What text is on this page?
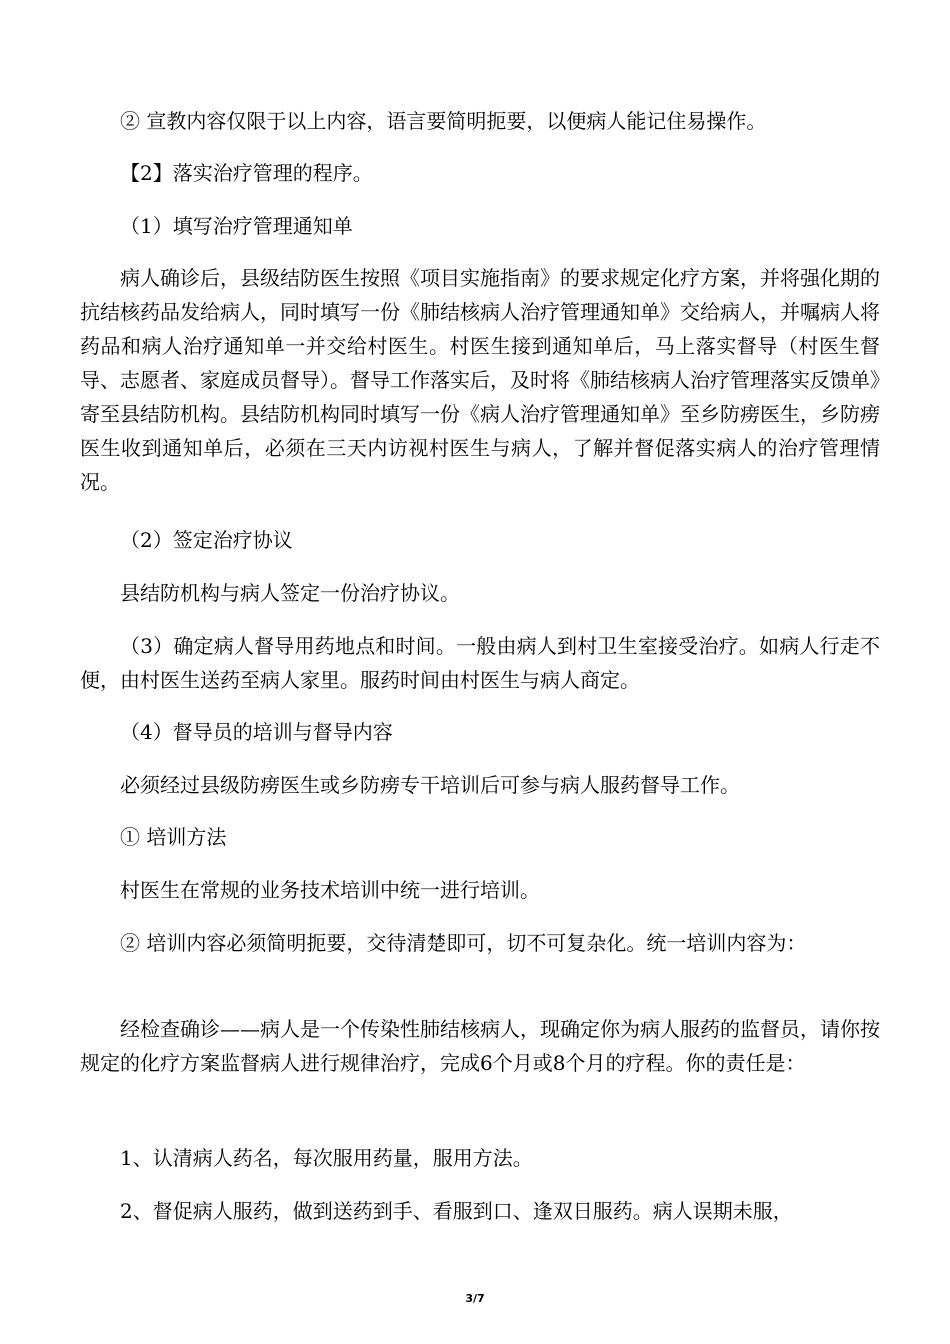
② 宣教内容仅限于以上内容，语言要简明扼要，以便病人能记住易操作。

【2】落实治疗管理的程序。

（1）填写治疗管理通知单

病人确诊后，县级结防医生按照《项目实施指南》的要求规定化疗方案，并将强化期的抗结核药品发给病人，同时填写一份《肺结核病人治疗管理通知单》交给病人，并嘱病人将药品和病人治疗通知单一并交给村医生。村医生接到通知单后，马上落实督导（村医生督导、志愿者、家庭成员督导）。督导工作落实后，及时将《肺结核病人治疗管理落实反馈单》寄至县结防机构。县结防机构同时填写一份《病人治疗管理通知单》至乡防痨医生，乡防痨医生收到通知单后，必须在三天内访视村医生与病人，了解并督促落实病人的治疗管理情况。

（2）签定治疗协议

县结防机构与病人签定一份治疗协议。

（3）确定病人督导用药地点和时间。一般由病人到村卫生室接受治疗。如病人行走不便，由村医生送药至病人家里。服药时间由村医生与病人商定。

（4）督导员的培训与督导内容

必须经过县级防痨医生或乡防痨专干培训后可参与病人服药督导工作。

① 培训方法

村医生在常规的业务技术培训中统一进行培训。

② 培训内容必须简明扼要，交待清楚即可，切不可复杂化。统一培训内容为：

经检查确诊——病人是一个传染性肺结核病人，现确定你为病人服药的监督员，请你按规定的化疗方案监督病人进行规律治疗，完成6个月或8个月的疗程。你的责任是：

1、认清病人药名，每次服用药量，服用方法。

2、督促病人服药，做到送药到手、看服到口、逢双日服药。病人误期未服，

3/7
